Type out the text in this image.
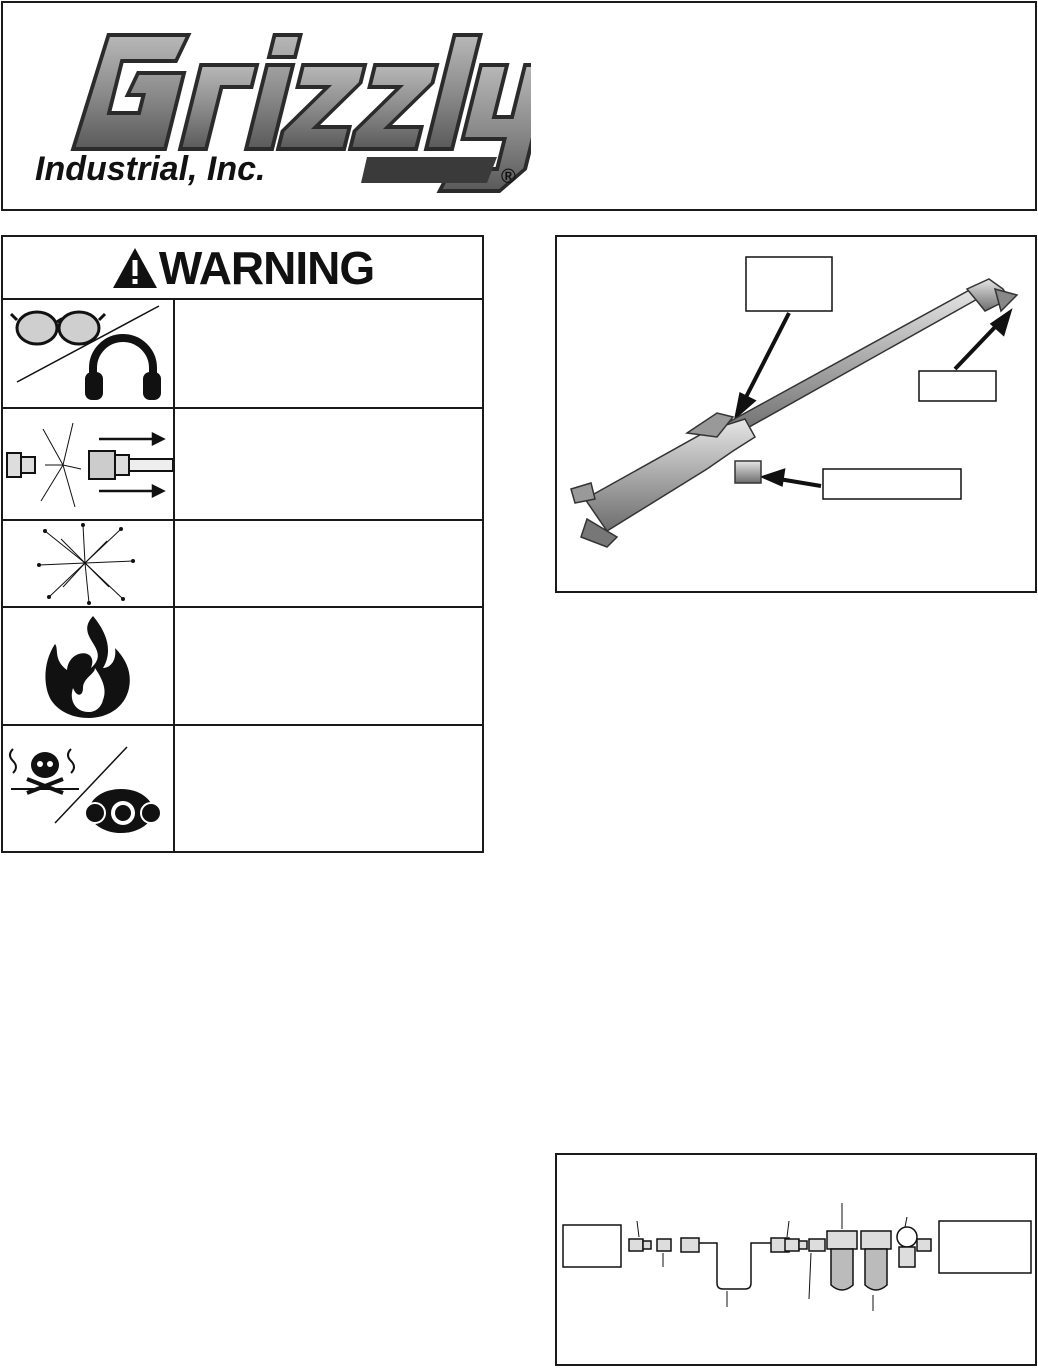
Industrial, Inc.	®
WARNING
